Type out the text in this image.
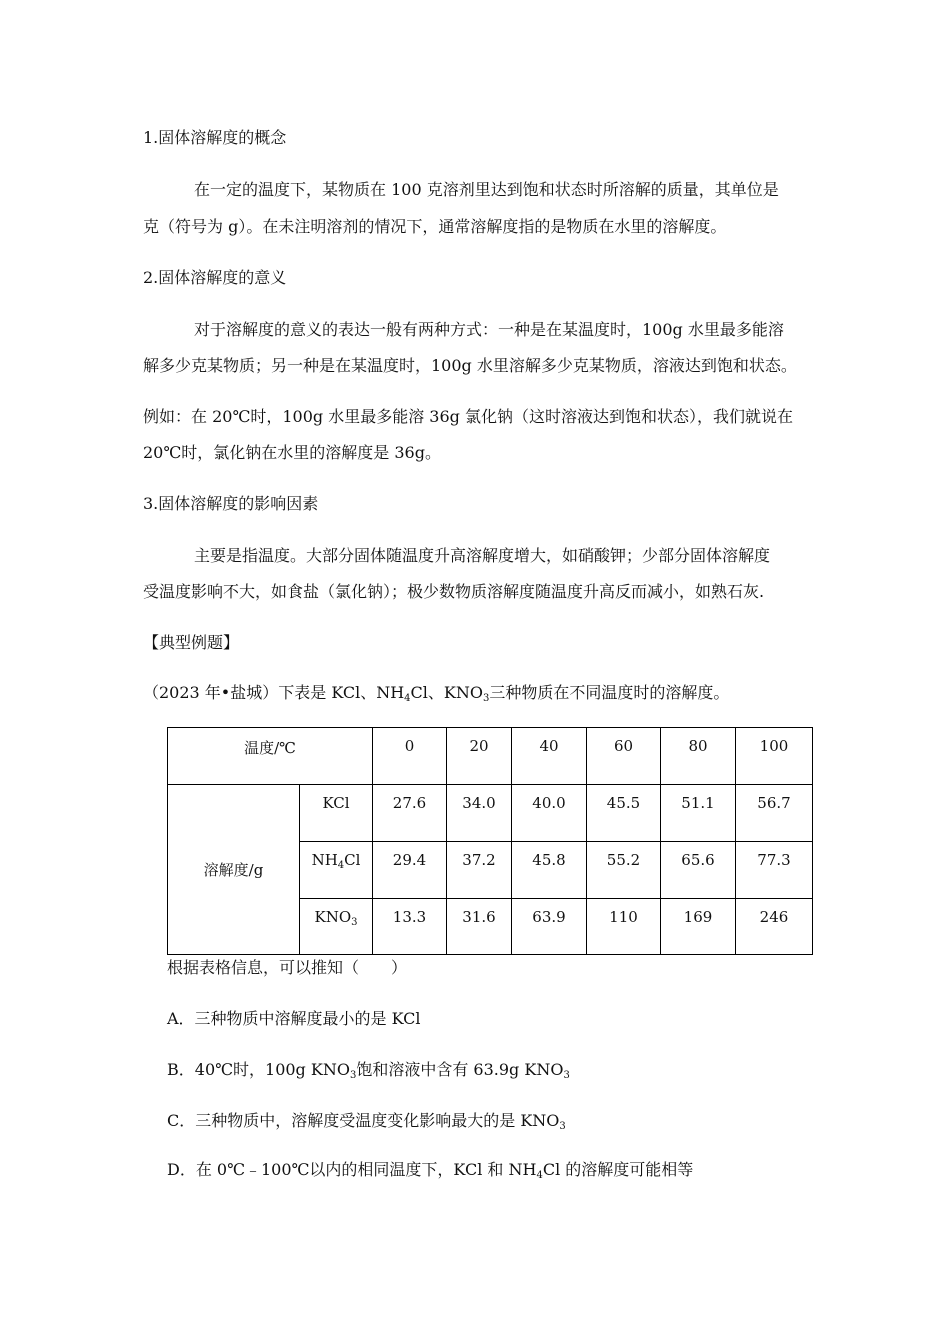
1.固体溶解度的概念
在一定的温度下，某物质在 100 克溶剂里达到饱和状态时所溶解的质量，其单位是
克（符号为 g）。在未注明溶剂的情况下，通常溶解度指的是物质在水里的溶解度。
2.固体溶解度的意义
对于溶解度的意义的表达一般有两种方式：一种是在某温度时，100g 水里最多能溶
解多少克某物质；另一种是在某温度时，100g 水里溶解多少克某物质，溶液达到饱和状态。
例如：在 20℃时，100g 水里最多能溶 36g 氯化钠（这时溶液达到饱和状态），我们就说在
20℃时，氯化钠在水里的溶解度是 36g。
3.固体溶解度的影响因素
主要是指温度。大部分固体随温度升高溶解度增大，如硝酸钾；少部分固体溶解度
受温度影响不大，如食盐（氯化钠）；极少数物质溶解度随温度升高反而减小，如熟石灰.
【典型例题】
（2023 年•盐城）下表是 KCl、$NH_4Cl$、$KNO_3$三种物质在不同温度时的溶解度。
温度/℃		0	20	40	60	80	100
溶解度/g	KCl	27.6	34.0	40.0	45.5	51.1	56.7
	$NH_4Cl$	29.4	37.2	45.8	55.2	65.6	77.3
	$KNO_3$	13.3	31.6	63.9	110	169	246
根据表格信息，可以推知（　　）
A．三种物质中溶解度最小的是 KCl
B．40℃时，100g $KNO_3$饱和溶液中含有 63.9g $KNO_3$
C．三种物质中，溶解度受温度变化影响最大的是 $KNO_3$
D．在 0℃﹣100℃以内的相同温度下，KCl 和 $NH_4Cl$ 的溶解度可能相等
